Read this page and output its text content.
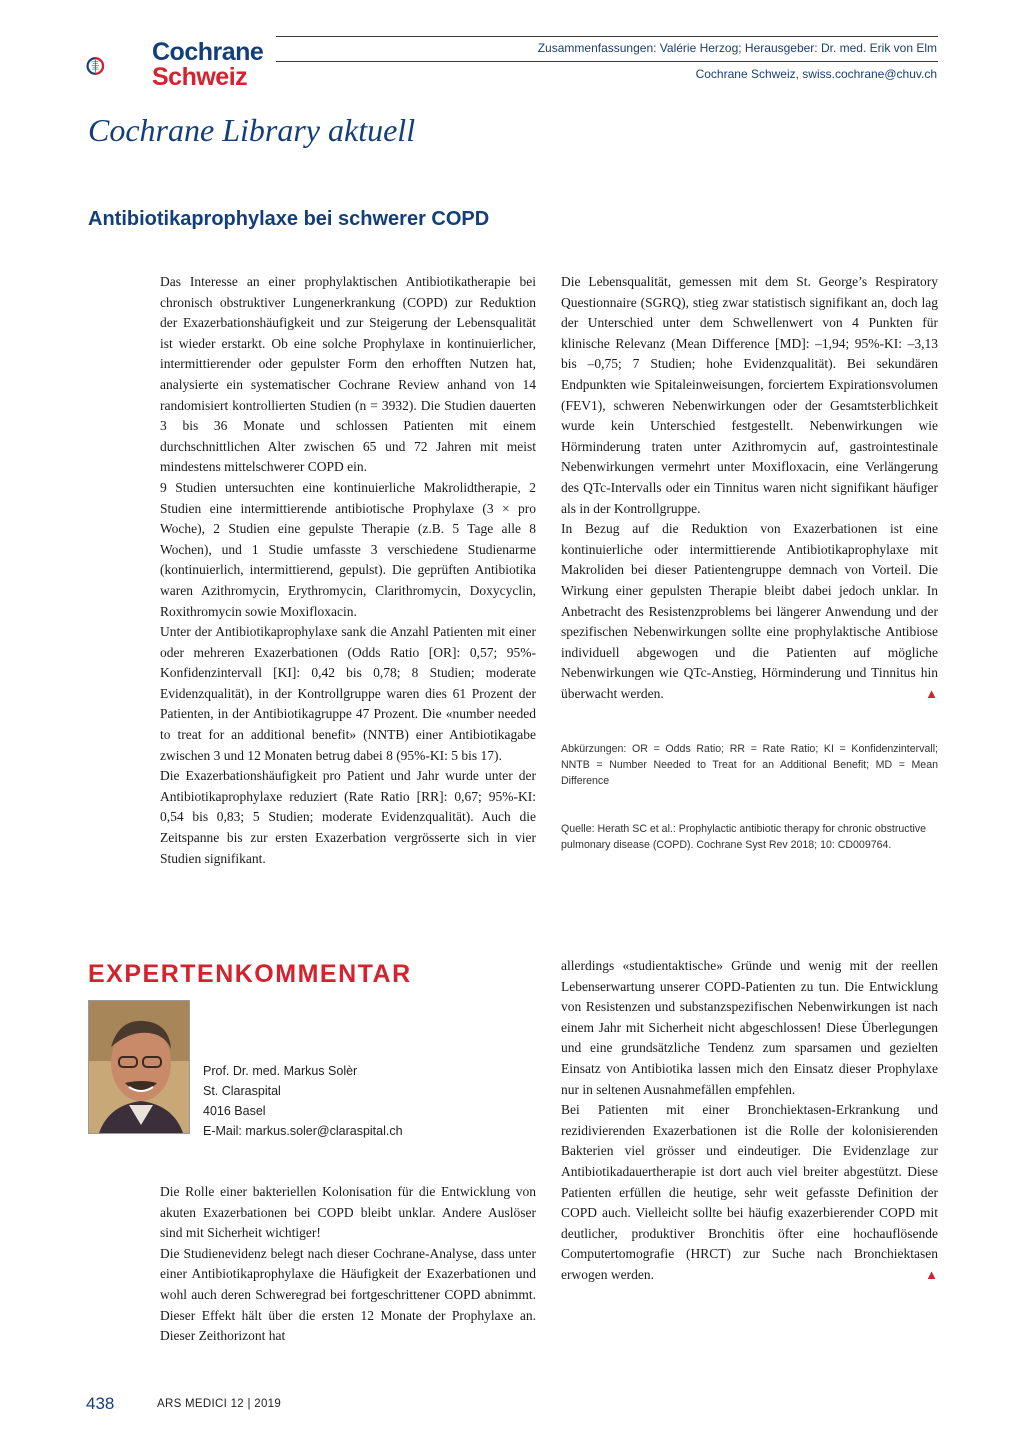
Cochrane
Schweiz
Zusammenfassungen: Valérie Herzog; Herausgeber: Dr. med. Erik von Elm
Cochrane Schweiz, swiss.cochrane@chuv.ch
Cochrane Library aktuell
Antibiotikaprophylaxe bei schwerer COPD

Das Interesse an einer prophylaktischen Antibiotikatherapie bei chronisch obstruktiver Lungenerkrankung (COPD) zur Reduktion der Exazerbationshäufigkeit und zur Steigerung der Lebensqualität ist wieder erstarkt. Ob eine solche Prophylaxe in kontinuierlicher, intermittierender oder gepulster Form den erhofften Nutzen hat, analysierte ein systematischer Cochrane Review anhand von 14 randomisiert kontrollierten Studien (n = 3932). Die Studien dauerten 3 bis 36 Monate und schlossen Patienten mit einem durchschnittlichen Alter zwischen 65 und 72 Jahren mit meist mindestens mittelschwerer COPD ein.

9 Studien untersuchten eine kontinuierliche Makrolidtherapie, 2 Studien eine intermittierende antibiotische Prophylaxe (3 × pro Woche), 2 Studien eine gepulste Therapie (z.B. 5 Tage alle 8 Wochen), und 1 Studie umfasste 3 verschiedene Studienarme (kontinuierlich, intermittierend, gepulst). Die geprüften Antibiotika waren Azithromycin, Erythromycin, Clarithromycin, Doxycyclin, Roxithromycin sowie Moxifloxacin.

Unter der Antibiotikaprophylaxe sank die Anzahl Patienten mit einer oder mehreren Exazerbationen (Odds Ratio [OR]: 0,57; 95%-Konfidenzintervall [KI]: 0,42 bis 0,78; 8 Studien; moderate Evidenzqualität), in der Kontrollgruppe waren dies 61 Prozent der Patienten, in der Antibiotikagruppe 47 Prozent. Die «number needed to treat for an additional benefit» (NNTB) einer Antibiotikagabe zwischen 3 und 12 Monaten betrug dabei 8 (95%-KI: 5 bis 17).

Die Exazerbationshäufigkeit pro Patient und Jahr wurde unter der Antibiotikaprophylaxe reduziert (Rate Ratio [RR]: 0,67; 95%-KI: 0,54 bis 0,83; 5 Studien; moderate Evidenzqualität). Auch die Zeitspanne bis zur ersten Exazerbation vergrösserte sich in vier Studien signifikant.

Die Lebensqualität, gemessen mit dem St. George’s Respiratory Questionnaire (SGRQ), stieg zwar statistisch signifikant an, doch lag der Unterschied unter dem Schwellenwert von 4 Punkten für klinische Relevanz (Mean Difference [MD]: –1,94; 95%-KI: –3,13 bis –0,75; 7 Studien; hohe Evidenzqualität). Bei sekundären Endpunkten wie Spitaleinweisungen, forciertem Expirationsvolumen (FEV1), schweren Nebenwirkungen oder der Gesamtsterblichkeit wurde kein Unterschied festgestellt. Nebenwirkungen wie Hörminderung traten unter Azithromycin auf, gastrointestinale Nebenwirkungen vermehrt unter Moxifloxacin, eine Verlängerung des QTc-Intervalls oder ein Tinnitus waren nicht signifikant häufiger als in der Kontrollgruppe.

In Bezug auf die Reduktion von Exazerbationen ist eine kontinuierliche oder intermittierende Antibiotikaprophylaxe mit Makroliden bei dieser Patientengruppe demnach von Vorteil. Die Wirkung einer gepulsten Therapie bleibt dabei jedoch unklar. In Anbetracht des Resistenzproblems bei längerer Anwendung und der spezifischen Nebenwirkungen sollte eine prophylaktische Antibiose individuell abgewogen und die Patienten auf mögliche Nebenwirkungen wie QTc-Anstieg, Hörminderung und Tinnitus hin überwacht werden.	▲

Abkürzungen: OR = Odds Ratio; RR = Rate Ratio; KI = Konfidenzintervall; NNTB = Number Needed to Treat for an Additional Benefit; MD = Mean Difference
Quelle: Herath SC et al.: Prophylactic antibiotic therapy for chronic obstructive pulmonary disease (COPD). Cochrane Syst Rev 2018; 10: CD009764.
EXPERTENKOMMENTAR
Prof. Dr. med. Markus Solèr
St. Claraspital
4016 Basel
E-Mail: markus.soler@claraspital.ch

Die Rolle einer bakteriellen Kolonisation für die Entwicklung von akuten Exazerbationen bei COPD bleibt unklar. Andere Auslöser sind mit Sicherheit wichtiger!

Die Studienevidenz belegt nach dieser Cochrane-Analyse, dass unter einer Antibiotikaprophylaxe die Häufigkeit der Exazerbationen und wohl auch deren Schweregrad bei fortgeschrittener COPD abnimmt. Dieser Effekt hält über die ersten 12 Monate der Prophylaxe an. Dieser Zeithorizont hat

allerdings «studientaktische» Gründe und wenig mit der reellen Lebenserwartung unserer COPD-Patienten zu tun. Die Entwicklung von Resistenzen und substanzspezifischen Nebenwirkungen ist nach einem Jahr mit Sicherheit nicht abgeschlossen! Diese Überlegungen und eine grundsätzliche Tendenz zum sparsamen und gezielten Einsatz von Antibiotika lassen mich den Einsatz dieser Prophylaxe nur in seltenen Ausnahmefällen empfehlen.

Bei Patienten mit einer Bronchiektasen-Erkrankung und rezidivierenden Exazerbationen ist die Rolle der kolonisierenden Bakterien viel grösser und eindeutiger. Die Evidenzlage zur Antibiotikadauertherapie ist dort auch viel breiter abgestützt. Diese Patienten erfüllen die heutige, sehr weit gefasste Definition der COPD auch. Vielleicht sollte bei häufig exazerbierender COPD mit deutlicher, produktiver Bronchitis öfter eine hochauflösende Computertomografie (HRCT) zur Suche nach Bronchiektasen erwogen werden.	▲

438	ARS MEDICI 12 | 2019
